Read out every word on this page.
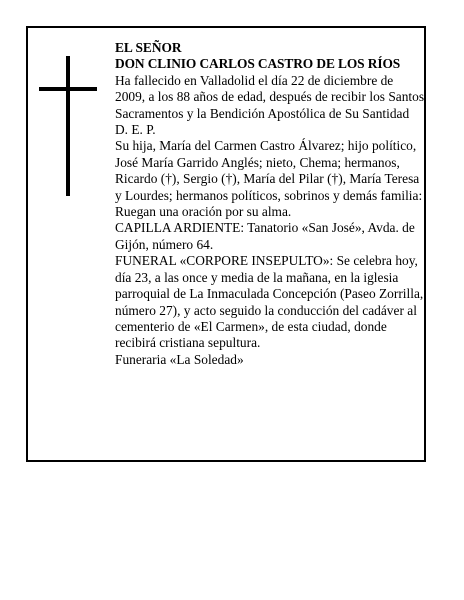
EL SEÑOR

DON CLINIO CARLOS CASTRO DE LOS RÍOS

Ha fallecido en Valladolid el día 22 de diciembre de 2009, a los 88 años de edad, después de recibir los Santos Sacramentos y la Bendición Apostólica de Su Santidad

D. E. P.

Su hija, María del Carmen Castro Álvarez; hijo político, José María Garrido Anglés; nieto, Chema; hermanos, Ricardo (†), Sergio (†), María del Pilar (†), María Teresa y Lourdes; hermanos políticos, sobrinos y demás familia:

Ruegan una oración por su alma.

CAPILLA ARDIENTE: Tanatorio «San José», Avda. de Gijón, número 64.

FUNERAL «CORPORE INSEPULTO»: Se celebra hoy, día 23, a las once y media de la mañana, en la iglesia parroquial de La Inmaculada Concepción (Paseo Zorrilla, número 27), y acto seguido la conducción del cadáver al cementerio de «El Carmen», de esta ciudad, donde recibirá cristiana sepultura.

Funeraria «La Soledad»
